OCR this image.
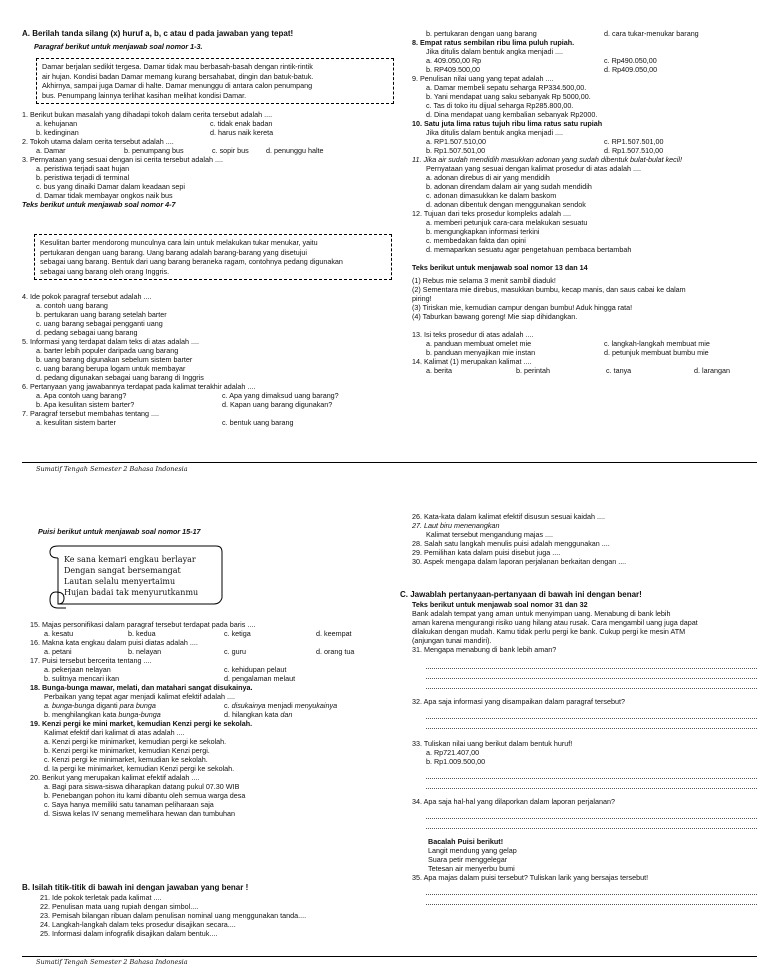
A. Berilah tanda silang (x) huruf a, b, c atau d pada jawaban yang tepat!
Paragraf berikut untuk menjawab soal nomor 1-3.
Damar berjalan sedikit tergesa. Damar tidak mau berbasah-basah dengan rintik-rintik
air hujan. Kondisi badan Damar memang kurang bersahabat, dingin dan batuk-batuk.
Akhirnya, sampai juga Damar di halte. Damar menunggu di antara calon penumpang
bus. Penumpang lainnya terlihat kasihan melihat kondisi Damar.
1. Berikut bukan masalah yang dihadapi tokoh dalam cerita tersebut adalah ....
a. kehujanan	c. tidak enak badan
b. kedinginan	d. harus naik kereta
2. Tokoh utama dalam cerita tersebut adalah ....
a. Damar	b. penumpang bus	c. sopir bus	d. penunggu halte
3. Pernyataan yang sesuai dengan isi cerita tersebut adalah ....
a. peristiwa terjadi saat hujan
b. peristiwa terjadi di terminal
c. bus yang dinaiki Damar dalam keadaan sepi
d. Damar tidak membayar ongkos naik bus
Teks berikut untuk menjawab soal nomor 4-7
Kesulitan barter mendorong munculnya cara lain untuk melakukan tukar menukar, yaitu
pertukaran dengan uang barang. Uang barang adalah barang-barang yang disetujui
sebagai uang barang. Bentuk dari uang barang beraneka ragam, contohnya pedang digunakan
sebagai uang barang oleh orang Inggris.
4. Ide pokok paragraf tersebut adalah ....
a. contoh uang barang
b. pertukaran uang barang setelah barter
c. uang barang sebagai pengganti uang
d. pedang sebagai uang barang
5. Informasi yang terdapat dalam teks di atas adalah ....
a. barter lebih populer daripada uang barang
b. uang barang digunakan sebelum sistem barter
c. uang barang berupa logam untuk membayar
d. pedang digunakan sebagai uang barang di Inggris
6. Pertanyaan yang jawabannya terdapat pada kalimat terakhir adalah ....
a. Apa contoh uang barang?	c. Apa yang dimaksud uang barang?
b. Apa kesulitan sistem barter?	d. Kapan uang barang digunakan?
7. Paragraf tersebut membahas tentang ....
a. kesulitan sistem barter	c. bentuk uang barang
b. pertukaran dengan uang barang	d. cara tukar-menukar barang
8. Empat ratus sembilan ribu lima puluh rupiah.
Jika ditulis dalam bentuk angka menjadi ....
a. 409.050,00 Rp	c. Rp490.050,00
b. RP409.500,00	d. Rp409.050,00
9. Penulisan nilai uang yang tepat adalah ....
a. Damar membeli sepatu seharga RP334.500,00.
b. Yani mendapat uang saku sebanyak Rp 5000,00.
c. Tas di toko itu dijual seharga Rp285.800,00.
d. Dina mendapat uang kembalian sebanyak Rp2000.
10. Satu juta lima ratus tujuh ribu lima ratus satu rupiah
Jika ditulis dalam bentuk angka menjadi ....
a. RP1.507.510,00	c. RP1.507.501,00
b. Rp1.507.501,00	d. Rp1.507.510,00
11. Jika air sudah mendidih masukkan adonan yang sudah dibentuk bulat-bulat kecil!
Pernyataan yang sesuai dengan kalimat prosedur di atas adalah ....
a. adonan direbus di air yang mendidih
b. adonan direndam dalam air yang sudah mendidih
c. adonan dimasukkan ke dalam baskom
d. adonan dibentuk dengan menggunakan sendok
12. Tujuan dari teks prosedur kompleks adalah ....
a. memberi petunjuk cara-cara melakukan sesuatu
b. mengungkapkan informasi terkini
c. membedakan fakta dan opini
d. memaparkan sesuatu agar pengetahuan pembaca bertambah
Teks berikut untuk menjawab soal nomor 13 dan 14
(1) Rebus mie selama 3 menit sambil diaduk!
(2) Sementara mie direbus, masukkan bumbu, kecap manis, dan saus cabai ke dalam
piring!
(3) Tiriskan mie, kemudian campur dengan bumbu! Aduk hingga rata!
(4) Taburkan bawang goreng! Mie siap dihidangkan.
13. Isi teks prosedur di atas adalah ....
a. panduan membuat omelet mie	c. langkah-langkah membuat mie
b. panduan menyajikan mie instan	d. petunjuk membuat bumbu mie
14. Kalimat (1) merupakan kalimat ....
a. berita	b. perintah	c. tanya	d. larangan
Sumatif Tengah Semester 2 Bahasa Indonesia
Puisi berikut untuk menjawab soal nomor 15-17
Ke sana kemari engkau berlayar
Dengan sangat bersemangat
Lautan selalu menyertaimu
Hujan badai tak menyurutkanmu
15. Majas personifikasi dalam paragraf tersebut terdapat pada baris ....
a. kesatu	b. kedua	c. ketiga	d. keempat
16. Makna kata engkau dalam puisi diatas adalah ....
a. petani	b. nelayan	c. guru	d. orang tua
17. Puisi tersebut bercerita tentang ....
a. pekerjaan nelayan	c. kehidupan pelaut
b. sulitnya mencari ikan	d. pengalaman melaut
18. Bunga-bunga mawar, melati, dan matahari sangat disukainya.
Perbaikan yang tepat agar menjadi kalimat efektif adalah ....
a. bunga-bunga diganti para bunga	c. disukainya menjadi menyukainya
b. menghilangkan kata bunga-bunga	d. hilangkan kata dan
19. Kenzi pergi ke mini market, kemudian Kenzi pergi ke sekolah.
Kalimat efektif dari kalimat di atas adalah ....
a. Kenzi pergi ke minimarket, kemudian pergi ke sekolah.
b. Kenzi pergi ke minimarket, kemudian Kenzi pergi.
c. Kenzi pergi ke minimarket, kemudian ke sekolah.
d. Ia pergi ke minimarket, kemudian Kenzi pergi ke sekolah.
20. Berikut yang merupakan kalimat efektif adalah ....
a. Bagi para siswa-siswa diharapkan datang pukul 07.30 WIB
b. Penebangan pohon itu kami dibantu oleh semua warga desa
c. Saya hanya memiliki satu tanaman peliharaan saja
d. Siswa kelas IV senang memelihara hewan dan tumbuhan
B. Isilah titik-titik di bawah ini dengan jawaban yang benar !
21. Ide pokok terletak pada kalimat ....
22. Penulisan mata uang rupiah dengan simbol....
23. Pemisah bilangan ribuan dalam penulisan nominal uang menggunakan tanda....
24. Langkah-langkah dalam teks prosedur disajikan secara....
25. Informasi dalam infografik disajikan dalam bentuk....
26. Kata-kata dalam kalimat efektif disusun sesuai kaidah ....
27. Laut biru menenangkan
Kalimat tersebut mengandung majas ....
28. Salah satu langkah menulis puisi adalah menggunakan ....
29. Pemilihan kata dalam puisi disebut juga ....
30. Aspek mengapa dalam laporan perjalanan berkaitan dengan ....
C. Jawablah pertanyaan-pertanyaan di bawah ini dengan benar!
Teks berikut untuk menjawab soal nomor 31 dan 32
Bank adalah tempat yang aman untuk menyimpan uang. Menabung di bank lebih
aman karena mengurangi risiko uang hilang atau rusak. Cara mengambil uang juga dapat
dilakukan dengan mudah. Kamu tidak perlu pergi ke bank. Cukup pergi ke mesin ATM
(anjungan tunai mandiri).
31. Mengapa menabung di bank lebih aman?
32. Apa saja informasi yang disampaikan dalam paragraf tersebut?
33. Tuliskan nilai uang berikut dalam bentuk huruf!
a. Rp721.407,00
b. Rp1.009.500,00
34. Apa saja hal-hal yang dilaporkan dalam laporan perjalanan?
Bacalah Puisi berikut!
Langit mendung yang gelap
Suara petir menggelegar
Tetesan air menyerbu bumi
35. Apa majas dalam puisi tersebut? Tuliskan larik yang bersajas tersebut!
Sumatif Tengah Semester 2 Bahasa Indonesia
